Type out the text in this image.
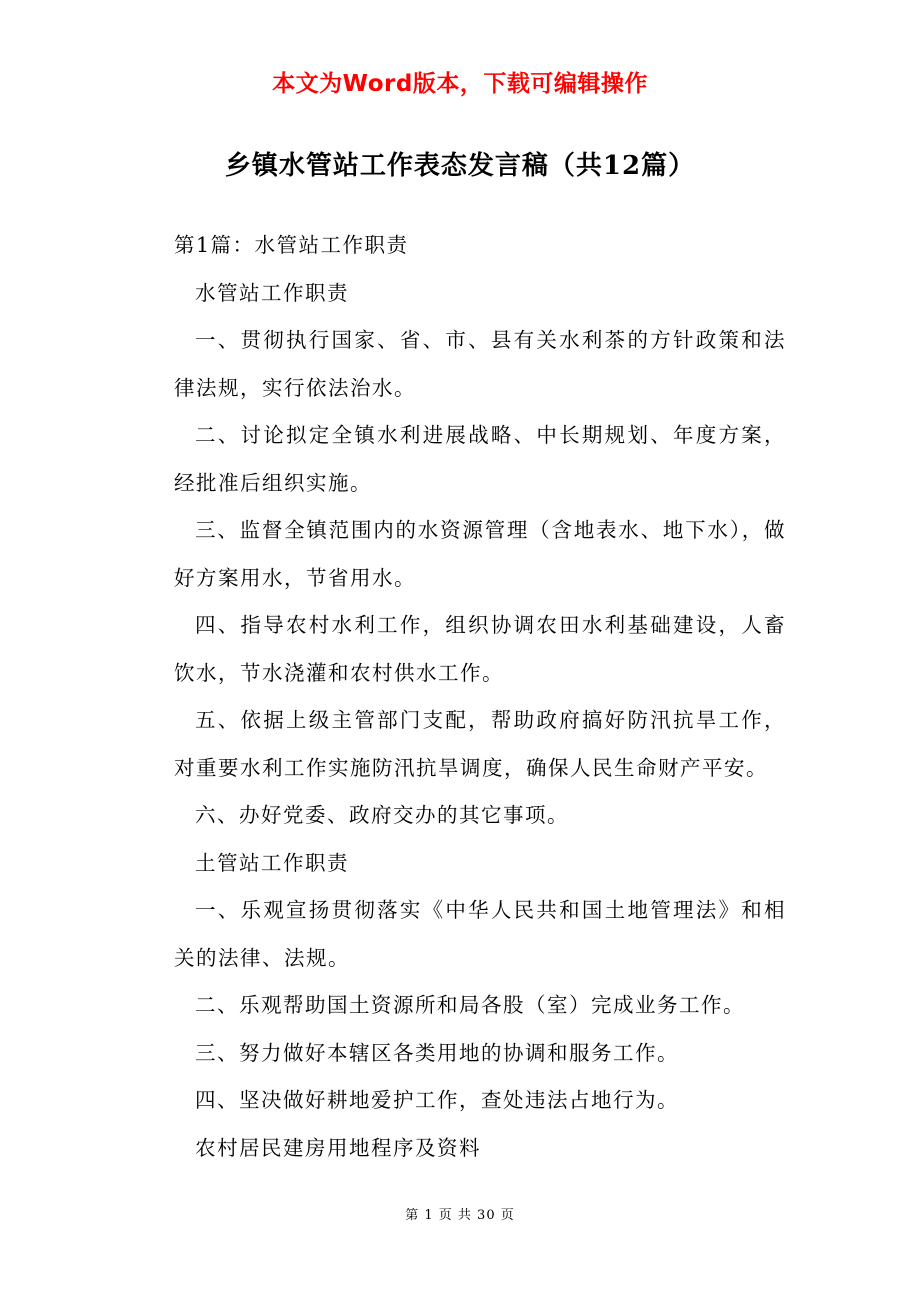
本文为Word版本，下载可编辑操作
乡镇水管站工作表态发言稿（共12篇）

第1篇：水管站工作职责

水管站工作职责

一、贯彻执行国家、省、市、县有关水利茶的方针政策和法律法规，实行依法治水。

二、讨论拟定全镇水利进展战略、中长期规划、年度方案，经批准后组织实施。

三、监督全镇范围内的水资源管理（含地表水、地下水），做好方案用水，节省用水。

四、指导农村水利工作，组织协调农田水利基础建设，人畜饮水，节水浇灌和农村供水工作。

五、依据上级主管部门支配，帮助政府搞好防汛抗旱工作，对重要水利工作实施防汛抗旱调度，确保人民生命财产平安。

六、办好党委、政府交办的其它事项。

土管站工作职责

一、乐观宣扬贯彻落实《中华人民共和国土地管理法》和相关的法律、法规。

二、乐观帮助国土资源所和局各股（室）完成业务工作。

三、努力做好本辖区各类用地的协调和服务工作。

四、坚决做好耕地爱护工作，查处违法占地行为。

农村居民建房用地程序及资料

第 1 页 共 30 页
